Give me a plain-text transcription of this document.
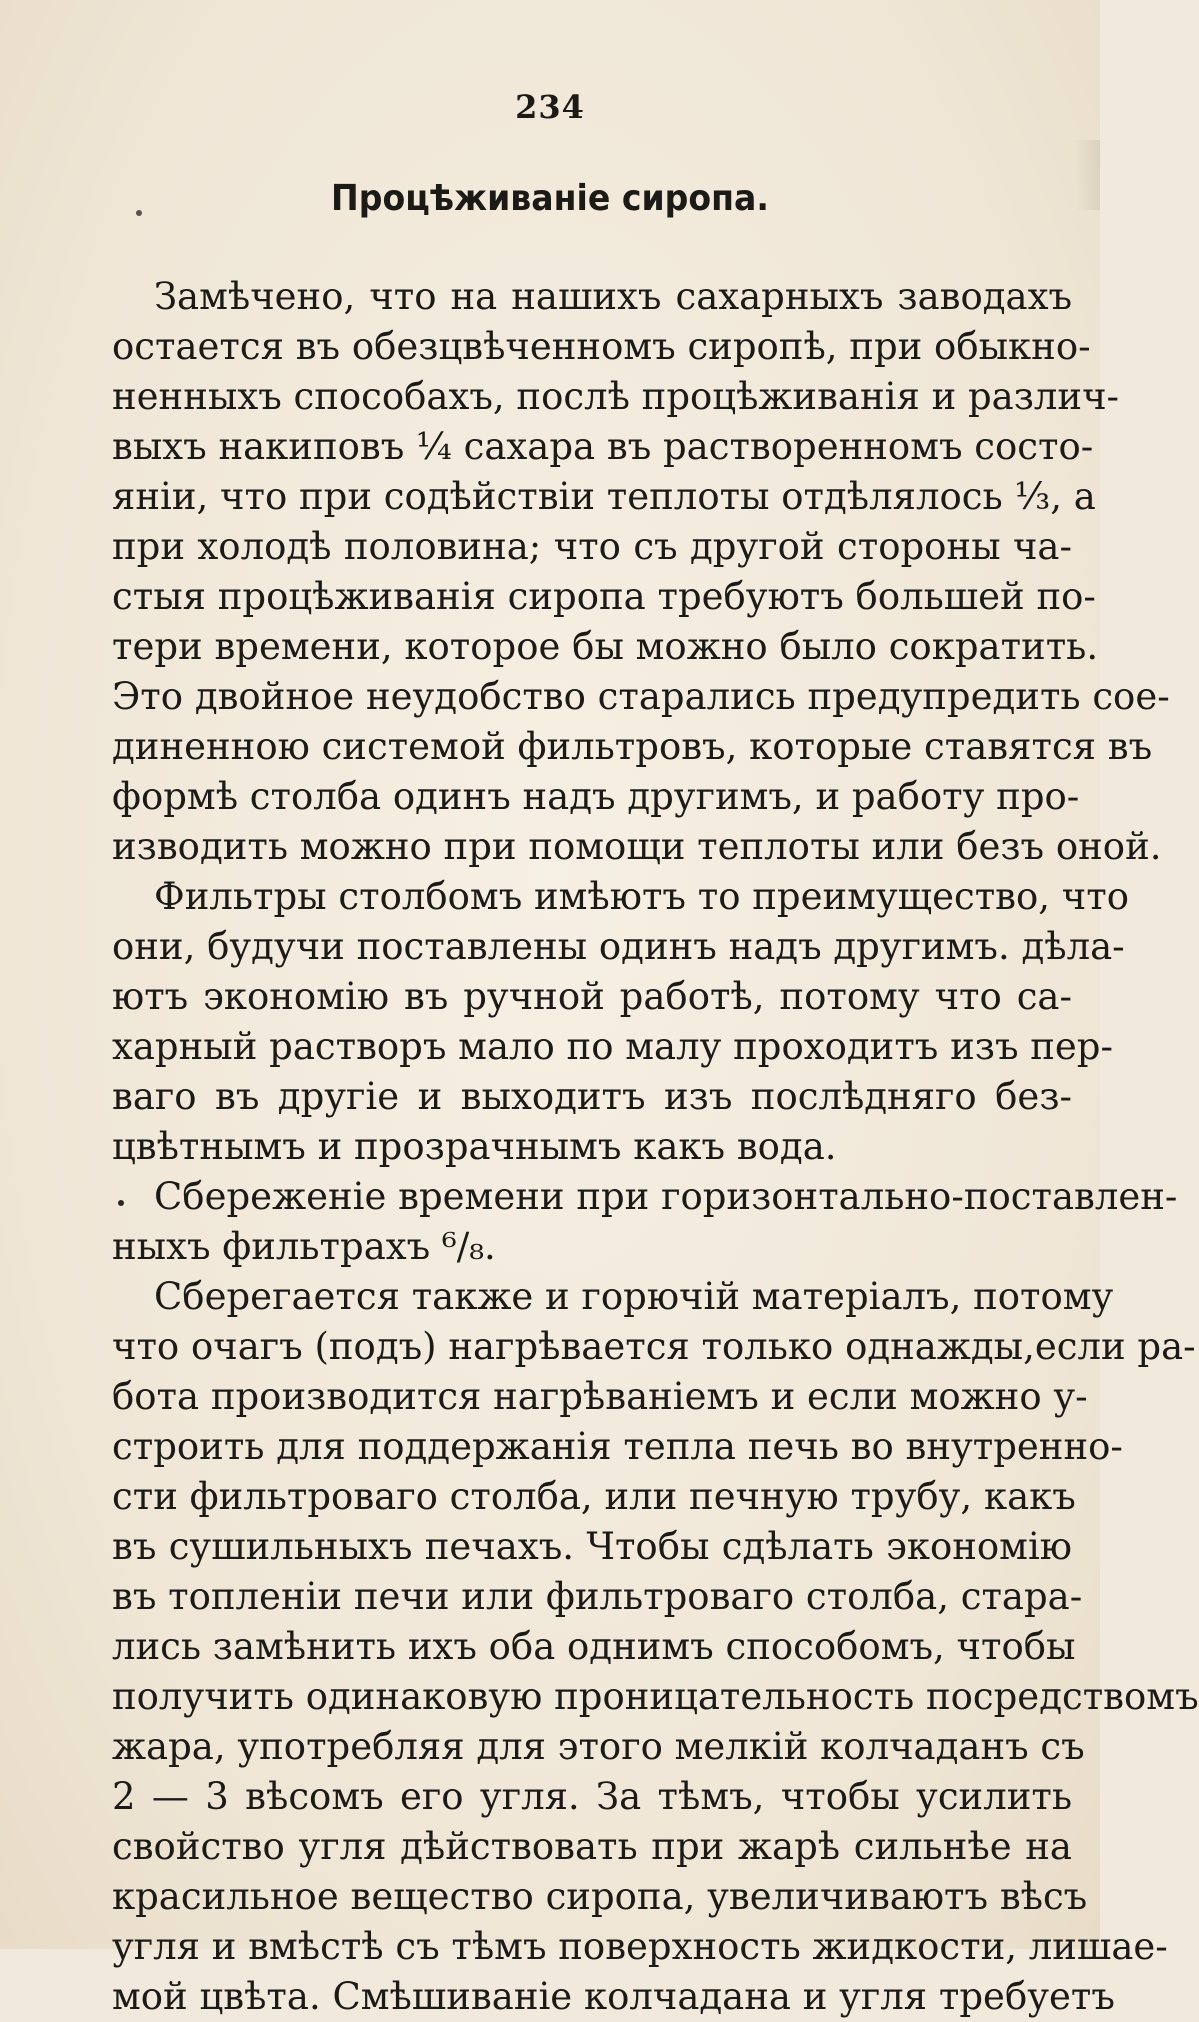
234
Процѣживаніе сиропа.
Замѣчено, что на нашихъ сахарныхъ заводахъ
остается въ обезцвѣченномъ сиропѣ, при обыкно-
ненныхъ способахъ, послѣ процѣживанія и различ-
выхъ накиповъ ¼ сахара въ растворенномъ состо-
яніи, что при содѣйствіи теплоты отдѣлялось ⅓, а
при холодѣ половина; что съ другой стороны ча-
стыя процѣживанія сиропа требуютъ большей по-
тери времени, которое бы можно было сократить.
Это двойное неудобство старались предупредить сое-
диненною системой фильтровъ, которые ставятся въ
формѣ столба одинъ надъ другимъ, и работу про-
изводить можно при помощи теплоты или безъ оной.
Фильтры столбомъ имѣютъ то преимущество, что
они, будучи поставлены одинъ надъ другимъ. дѣла-
ютъ экономію въ ручной работѣ, потому что са-
харный растворъ мало по малу проходитъ изъ пер-
ваго въ другіе и выходитъ изъ послѣдняго без-
цвѣтнымъ и прозрачнымъ какъ вода.
Сбереженіе времени при горизонтально-поставлен-
ныхъ фильтрахъ ⁶/₈.
Сберегается также и горючій матеріалъ, потому
что очагъ (подъ) нагрѣвается только однажды,если ра-
бота производится нагрѣваніемъ и если можно у-
строить для поддержанія тепла печь во внутренно-
сти фильтроваго столба, или печную трубу, какъ
въ сушильныхъ печахъ. Чтобы сдѣлать экономію
въ топленіи печи или фильтроваго столба, стара-
лись замѣнить ихъ оба однимъ способомъ, чтобы
получить одинаковую проницательность посредствомъ
жара, употребляя для этого мелкій колчаданъ съ
2 — 3 вѣсомъ его угля. За тѣмъ, чтобы усилить
свойство угля дѣйствовать при жарѣ сильнѣе на
красильное вещество сиропа, увеличиваютъ вѣсъ
угля и вмѣстѣ съ тѣмъ поверхность жидкости, лишае-
мой цвѣта. Смѣшиваніе колчадана и угля требуетъ
